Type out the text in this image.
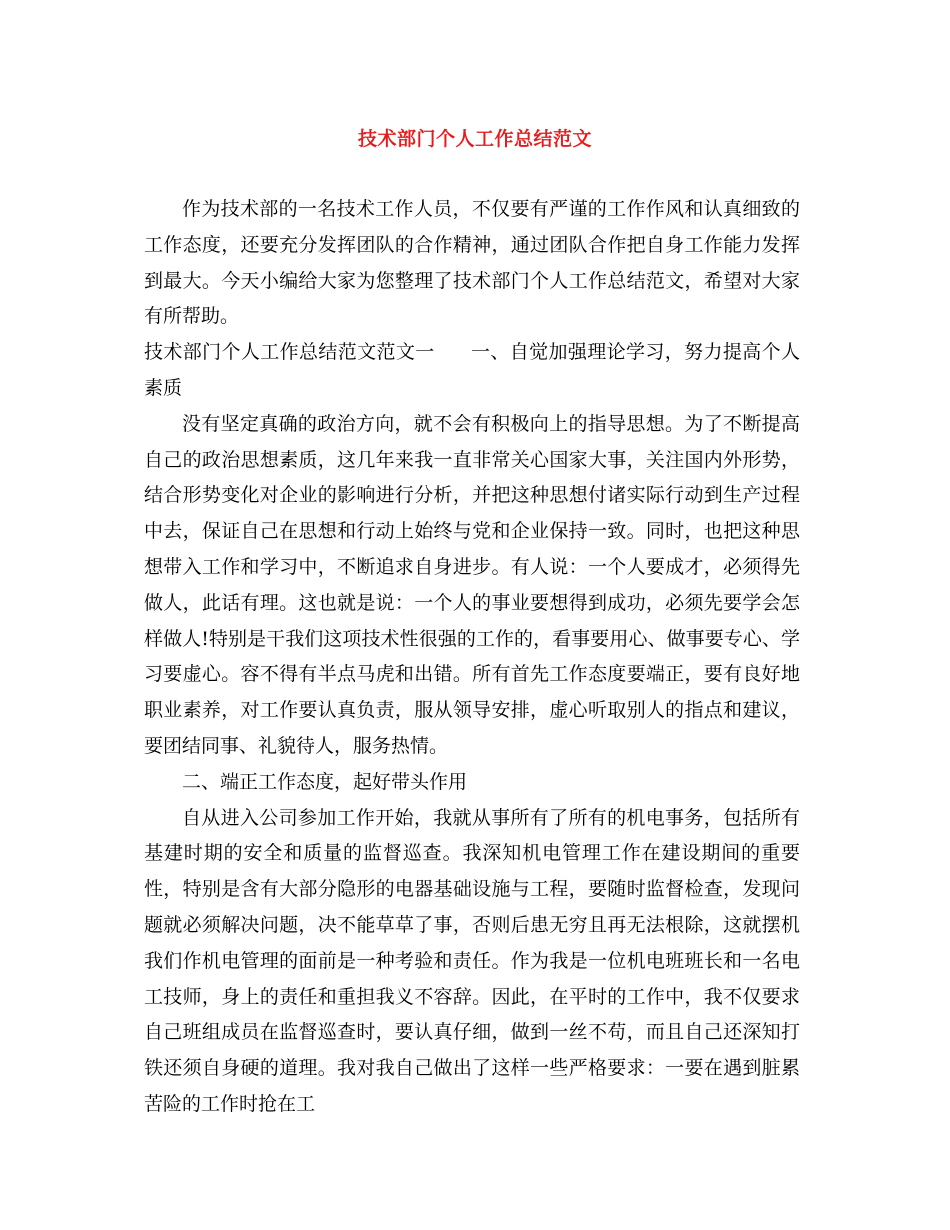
技术部门个人工作总结范文

作为技术部的一名技术工作人员，不仅要有严谨的工作作风和认真细致的工作态度，还要充分发挥团队的合作精神，通过团队合作把自身工作能力发挥到最大。今天小编给大家为您整理了技术部门个人工作总结范文，希望对大家有所帮助。

技术部门个人工作总结范文范文一 一、自觉加强理论学习，努力提高个人素质

没有坚定真确的政治方向，就不会有积极向上的指导思想。为了不断提高自己的政治思想素质，这几年来我一直非常关心国家大事，关注国内外形势，结合形势变化对企业的影响进行分析，并把这种思想付诸实际行动到生产过程中去，保证自己在思想和行动上始终与党和企业保持一致。同时，也把这种思想带入工作和学习中，不断追求自身进步。有人说：一个人要成才，必须得先做人，此话有理。这也就是说：一个人的事业要想得到成功，必须先要学会怎样做人!特别是干我们这项技术性很强的工作的，看事要用心、做事要专心、学习要虚心。容不得有半点马虎和出错。所有首先工作态度要端正，要有良好地职业素养，对工作要认真负责，服从领导安排，虚心听取别人的指点和建议，要团结同事、礼貌待人，服务热情。

二、端正工作态度，起好带头作用

自从进入公司参加工作开始，我就从事所有了所有的机电事务，包括所有基建时期的安全和质量的监督巡查。我深知机电管理工作在建设期间的重要性，特别是含有大部分隐形的电器基础设施与工程，要随时监督检查，发现问题就必须解决问题，决不能草草了事，否则后患无穷且再无法根除，这就摆机我们作机电管理的面前是一种考验和责任。作为我是一位机电班班长和一名电工技师，身上的责任和重担我义不容辞。因此，在平时的工作中，我不仅要求自己班组成员在监督巡查时，要认真仔细，做到一丝不苟，而且自己还深知打铁还须自身硬的道理。我对我自己做出了这样一些严格要求：一要在遇到脏累苦险的工作时抢在工
